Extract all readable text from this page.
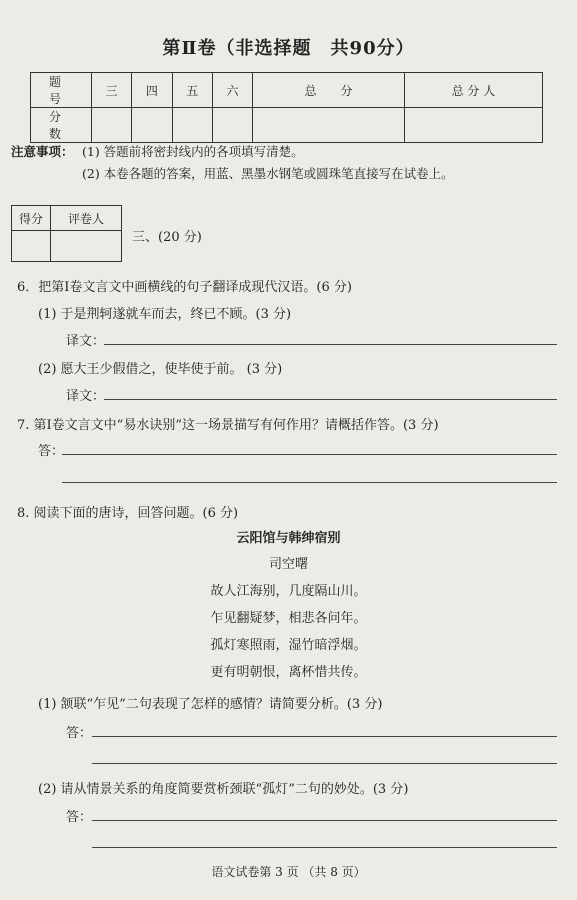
第Ⅱ卷（非选择题　共90分）
题　号	三	四	五	六	总　　分	总 分 人
分　数						
注意事项： (1) 答题前将密封线内的各项填写清楚。
(2) 本卷各题的答案，用蓝、黑墨水钢笔或圆珠笔直接写在试卷上。
得分	评卷人

三、(20 分)
6．把第Ⅰ卷文言文中画横线的句子翻译成现代汉语。(6 分)
(1) 于是荆轲遂就车而去，终已不顾。(3 分)
译文：
(2) 愿大王少假借之，使毕使于前。 (3 分)
译文：
7. 第Ⅰ卷文言文中“易水诀别”这一场景描写有何作用？请概括作答。(3 分)
答：
8. 阅读下面的唐诗，回答问题。(6 分)
云阳馆与韩绅宿别
司空曙
故人江海别，几度隔山川。
乍见翻疑梦，相悲各问年。
孤灯寒照雨，湿竹暗浮烟。
更有明朝恨，离杯惜共传。
(1) 颔联“乍见”二句表现了怎样的感情？请简要分析。(3 分)
答：
(2) 请从情景关系的角度简要赏析颈联“孤灯”二句的妙处。(3 分)
答：
语文试卷第 3 页 （共 8 页）
